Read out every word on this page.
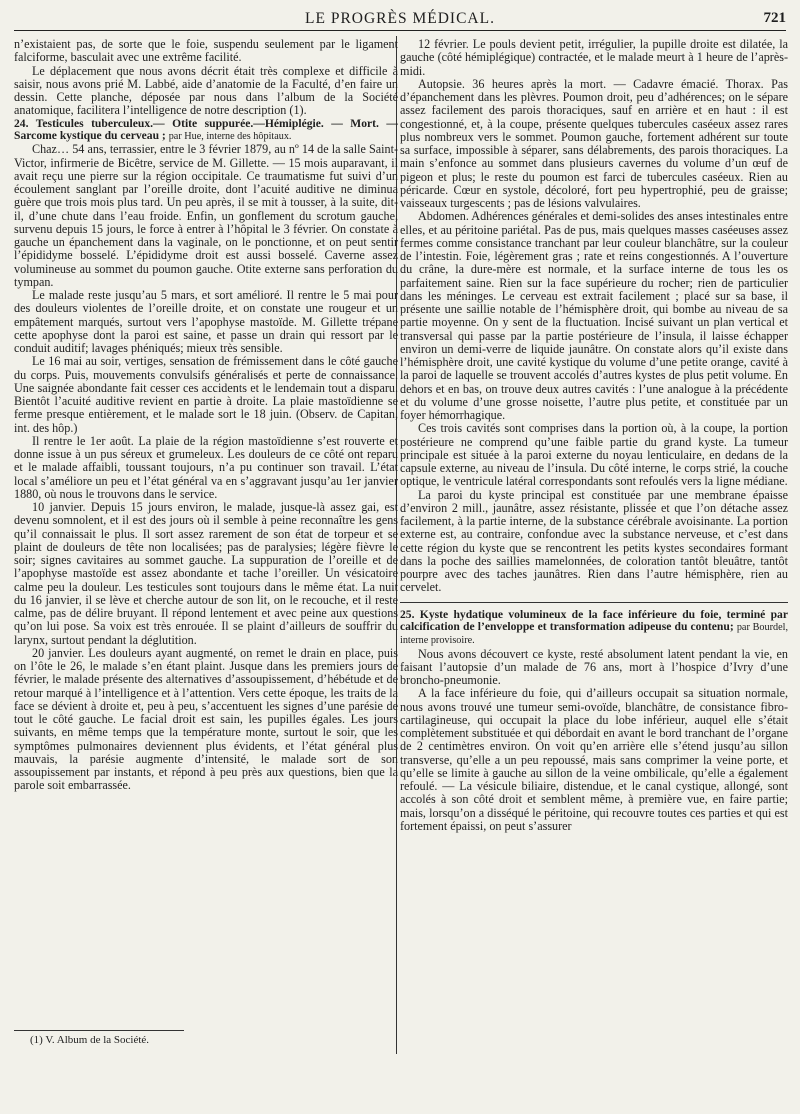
LE PROGRÈS MÉDICAL.	721

n’existaient pas, de sorte que le foie, suspendu seulement par le ligament falciforme, basculait avec une extrême facilité.

Le déplacement que nous avons décrit était très complexe et difficile à saisir, nous avons prié M. Labbé, aide d’anatomie de la Faculté, d’en faire un dessin. Cette planche, déposée par nous dans l’album de la Société anatomique, facilitera l’intelligence de notre description (1).

24. Testicules tuberculeux.— Otite suppurée.—Hémiplégie. — Mort. — Sarcome kystique du cerveau ; par Hue, interne des hôpitaux.

Chaz… 54 ans, terrassier, entre le 3 février 1879, au nº 14 de la salle Saint-Victor, infirmerie de Bicêtre, service de M. Gillette. — 15 mois auparavant, il avait reçu une pierre sur la région occipitale. Ce traumatisme fut suivi d’un écoulement sanglant par l’oreille droite, dont l’acuité auditive ne diminua guère que trois mois plus tard. Un peu après, il se mit à tousser, à la suite, dit-il, d’une chute dans l’eau froide. Enfin, un gonflement du scrotum gauche, survenu depuis 15 jours, le force à entrer à l’hôpital le 3 février. On constate à gauche un épanchement dans la vaginale, on le ponctionne, et on peut sentir l’épididyme bosselé. L’épididyme droit est aussi bosselé. Caverne assez volumineuse au sommet du poumon gauche. Otite externe sans perforation du tympan.

Le malade reste jusqu’au 5 mars, et sort amélioré. Il rentre le 5 mai pour des douleurs violentes de l’oreille droite, et on constate une rougeur et un empâtement marqués, surtout vers l’apophyse mastoïde. M. Gillette trépane cette apophyse dont la paroi est saine, et passe un drain qui ressort par le conduit auditif; lavages phéniqués; mieux très sensible.

Le 16 mai au soir, vertiges, sensation de frémissement dans le côté gauche du corps. Puis, mouvements convulsifs généralisés et perte de connaissance. Une saignée abondante fait cesser ces accidents et le lendemain tout a disparu. Bientôt l’acuité auditive revient en partie à droite. La plaie mastoïdienne se ferme presque entièrement, et le malade sort le 18 juin. (Observ. de Capitan, int. des hôp.)

Il rentre le 1er août. La plaie de la région mastoïdienne s’est rouverte et donne issue à un pus séreux et grumeleux. Les douleurs de ce côté ont reparu et le malade affaibli, toussant toujours, n’a pu continuer son travail. L’état local s’améliore un peu et l’état général va en s’aggravant jusqu’au 1er janvier 1880, où nous le trouvons dans le service.

10 janvier. Depuis 15 jours environ, le malade, jusque-là assez gai, est devenu somnolent, et il est des jours où il semble à peine reconnaître les gens qu’il connaissait le plus. Il sort assez rarement de son état de torpeur et se plaint de douleurs de tête non localisées; pas de paralysies; légère fièvre le soir; signes cavitaires au sommet gauche. La suppuration de l’oreille et de l’apophyse mastoïde est assez abondante et tache l’oreiller. Un vésicatoire calme peu la douleur. Les testicules sont toujours dans le même état. La nuit du 16 janvier, il se lève et cherche autour de son lit, on le recouche, et il reste calme, pas de délire bruyant. Il répond lentement et avec peine aux questions qu’on lui pose. Sa voix est très enrouée. Il se plaint d’ailleurs de souffrir du larynx, surtout pendant la déglutition.

20 janvier. Les douleurs ayant augmenté, on remet le drain en place, puis on l’ôte le 26, le malade s’en étant plaint. Jusque dans les premiers jours de février, le malade présente des alternatives d’assoupissement, d’hébétude et de retour marqué à l’intelligence et à l’attention. Vers cette époque, les traits de la face se dévient à droite et, peu à peu, s’accentuent les signes d’une parésie de tout le côté gauche. Le facial droit est sain, les pupilles égales. Les jours suivants, en même temps que la température monte, surtout le soir, que les symptômes pulmonaires deviennent plus évidents, et l’état général plus mauvais, la parésie augmente d’intensité, le malade sort de son assoupissement par instants, et répond à peu près aux questions, bien que la parole soit embarrassée.

(1) V. Album de la Société.

12 février. Le pouls devient petit, irrégulier, la pupille droite est dilatée, la gauche (côté hémiplégique) contractée, et le malade meurt à 1 heure de l’après-midi.

Autopsie. 36 heures après la mort. — Cadavre émacié. Thorax. Pas d’épanchement dans les plèvres. Poumon droit, peu d’adhérences; on le sépare assez facilement des parois thoraciques, sauf en arrière et en haut : il est congestionné, et, à la coupe, présente quelques tubercules caséeux assez rares plus nombreux vers le sommet. Poumon gauche, fortement adhérent sur toute sa surface, impossible à séparer, sans délabrements, des parois thoraciques. La main s’enfonce au sommet dans plusieurs cavernes du volume d’un œuf de pigeon et plus; le reste du poumon est farci de tubercules caséeux. Rien au péricarde. Cœur en systole, décoloré, fort peu hypertrophié, peu de graisse; vaisseaux turgescents ; pas de lésions valvulaires.

Abdomen. Adhérences générales et demi-solides des anses intestinales entre elles, et au péritoine pariétal. Pas de pus, mais quelques masses caséeuses assez fermes comme consistance tranchant par leur couleur blanchâtre, sur la couleur de l’intestin. Foie, légèrement gras ; rate et reins congestionnés. A l’ouverture du crâne, la dure-mère est normale, et la surface interne de tous les os parfaitement saine. Rien sur la face supérieure du rocher; rien de particulier dans les méninges. Le cerveau est extrait facilement ; placé sur sa base, il présente une saillie notable de l’hémisphère droit, qui bombe au niveau de sa partie moyenne. On y sent de la fluctuation. Incisé suivant un plan vertical et transversal qui passe par la partie postérieure de l’insula, il laisse échapper environ un demi-verre de liquide jaunâtre. On constate alors qu’il existe dans l’hémisphère droit, une cavité kystique du volume d’une petite orange, cavité à la paroi de laquelle se trouvent accolés d’autres kystes de plus petit volume. En dehors et en bas, on trouve deux autres cavités : l’une analogue à la précédente et du volume d’une grosse noisette, l’autre plus petite, et constituée par un foyer hémorrhagique.

Ces trois cavités sont comprises dans la portion où, à la coupe, la portion postérieure ne comprend qu’une faible partie du grand kyste. La tumeur principale est située à la paroi externe du noyau lenticulaire, en dedans de la capsule externe, au niveau de l’insula. Du côté interne, le corps strié, la couche optique, le ventricule latéral correspondants sont refoulés vers la ligne médiane.

La paroi du kyste principal est constituée par une membrane épaisse d’environ 2 mill., jaunâtre, assez résistante, plissée et que l’on détache assez facilement, à la partie interne, de la substance cérébrale avoisinante. La portion externe est, au contraire, confondue avec la substance nerveuse, et c’est dans cette région du kyste que se rencontrent les petits kystes secondaires formant dans la poche des saillies mamelonnées, de coloration tantôt bleuâtre, tantôt pourpre avec des taches jaunâtres. Rien dans l’autre hémisphère, rien au cervelet.

25. Kyste hydatique volumineux de la face inférieure du foie, terminé par calcification de l’enveloppe et transformation adipeuse du contenu; par Bourdel, interne provisoire.

Nous avons découvert ce kyste, resté absolument latent pendant la vie, en faisant l’autopsie d’un malade de 76 ans, mort à l’hospice d’Ivry d’une broncho-pneumonie.

A la face inférieure du foie, qui d’ailleurs occupait sa situation normale, nous avons trouvé une tumeur semi-ovoïde, blanchâtre, de consistance fibro-cartilagineuse, qui occupait la place du lobe inférieur, auquel elle s’était complètement substituée et qui débordait en avant le bord tranchant de l’organe de 2 centimètres environ. On voit qu’en arrière elle s’étend jusqu’au sillon transverse, qu’elle a un peu repoussé, mais sans comprimer la veine porte, et qu’elle se limite à gauche au sillon de la veine ombilicale, qu’elle a également refoulé. — La vésicule biliaire, distendue, et le canal cystique, allongé, sont accolés à son côté droit et semblent même, à première vue, en faire partie; mais, lorsqu’on a disséqué le péritoine, qui recouvre toutes ces parties et qui est fortement épaissi, on peut s’assurer
